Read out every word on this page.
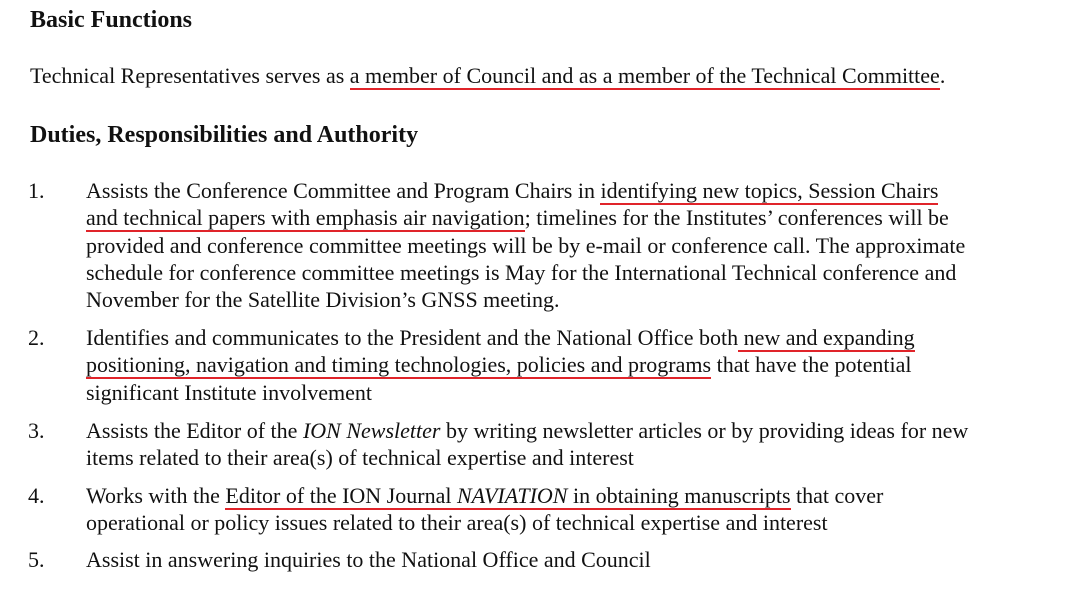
Basic Functions
Technical Representatives serves as a member of Council and as a member of the Technical Committee.
Duties, Responsibilities and Authority
1. Assists the Conference Committee and Program Chairs in identifying new topics, Session Chairs
and technical papers with emphasis air navigation; timelines for the Institutes’ conferences will be
provided and conference committee meetings will be by e-mail or conference call. The approximate
schedule for conference committee meetings is May for the International Technical conference and
November for the Satellite Division’s GNSS meeting.
2. Identifies and communicates to the President and the National Office both new and expanding
positioning, navigation and timing technologies, policies and programs that have the potential
significant Institute involvement
3. Assists the Editor of the ION Newsletter by writing newsletter articles or by providing ideas for new
items related to their area(s) of technical expertise and interest
4. Works with the Editor of the ION Journal NAVIATION in obtaining manuscripts that cover
operational or policy issues related to their area(s) of technical expertise and interest
5. Assist in answering inquiries to the National Office and Council
